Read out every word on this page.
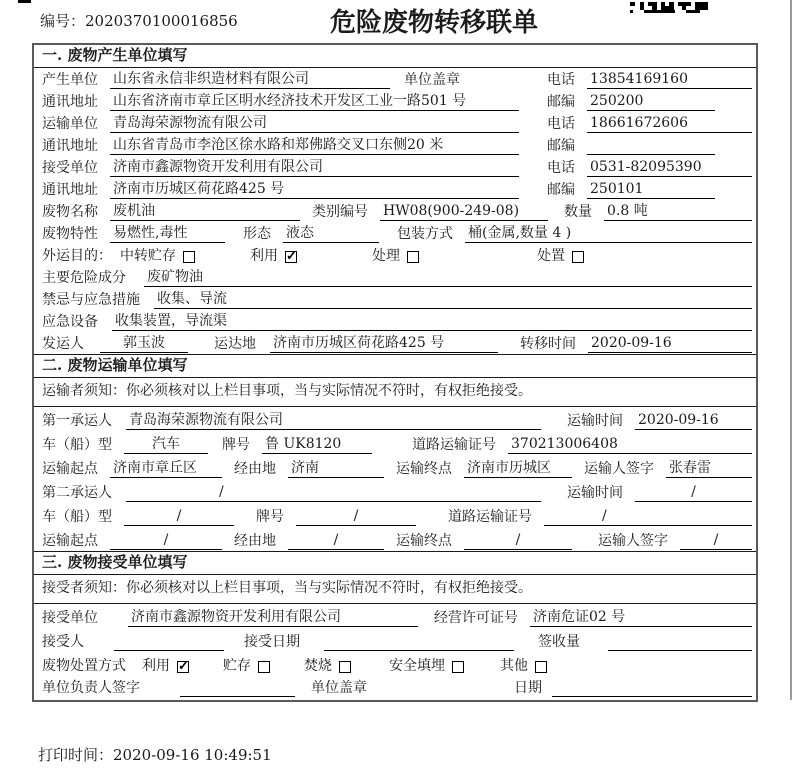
编号：2020370100016856	危险废物转移联单
一. 废物产生单位填写
产生单位 山东省永信非织造材料有限公司	单位盖章	电话 13854169160
通讯地址 山东省济南市章丘区明水经济技术开发区工业一路501 号	邮编 250200
运输单位 青岛海荣源物流有限公司	电话 18661672606
通讯地址 山东省青岛市李沧区徐水路和郑佛路交叉口东侧20 米	邮编
接受单位 济南市鑫源物资开发利用有限公司	电话 0531-82095390
通讯地址 济南市历城区荷花路425 号	邮编 250101
废物名称 废机油	类别编号 HW08(900-249-08)	数量 0.8 吨
废物特性 易燃性,毒性	形态 液态	包装方式 桶(金属,数量 4 )
外运目的： 中转贮存	利用 ✓	处理	处置
主要危险成分 废矿物油
禁忌与应急措施 收集、导流
应急设备 收集装置，导流渠
发运人	郭玉波	运达地 济南市历城区荷花路425 号	转移时间 2020-09-16
二. 废物运输单位填写
运输者须知：你必须核对以上栏目事项，当与实际情况不符时，有权拒绝接受。
第一承运人 青岛海荣源物流有限公司	运输时间 2020-09-16
车（船）型	汽车	牌号 鲁 UK8120	道路运输证号 370213006408
运输起点 济南市章丘区	经由地 济南	运输终点 济南市历城区	运输人签字 张春雷
第二承运人	/	运输时间	/
车（船）型	/	牌号	/	道路运输证号	/
运输起点	/	经由地	/	运输终点	/	运输人签字	/
三. 废物接受单位填写
接受者须知：你必须核对以上栏目事项，当与实际情况不符时，有权拒绝接受。
接受单位 济南市鑫源物资开发利用有限公司	经营许可证号 济南危证02 号
接受人	接受日期	签收量
废物处置方式 利用 ✓	贮存	焚烧	安全填埋	其他
单位负责人签字	单位盖章	日期
打印时间：2020-09-16 10:49:51
